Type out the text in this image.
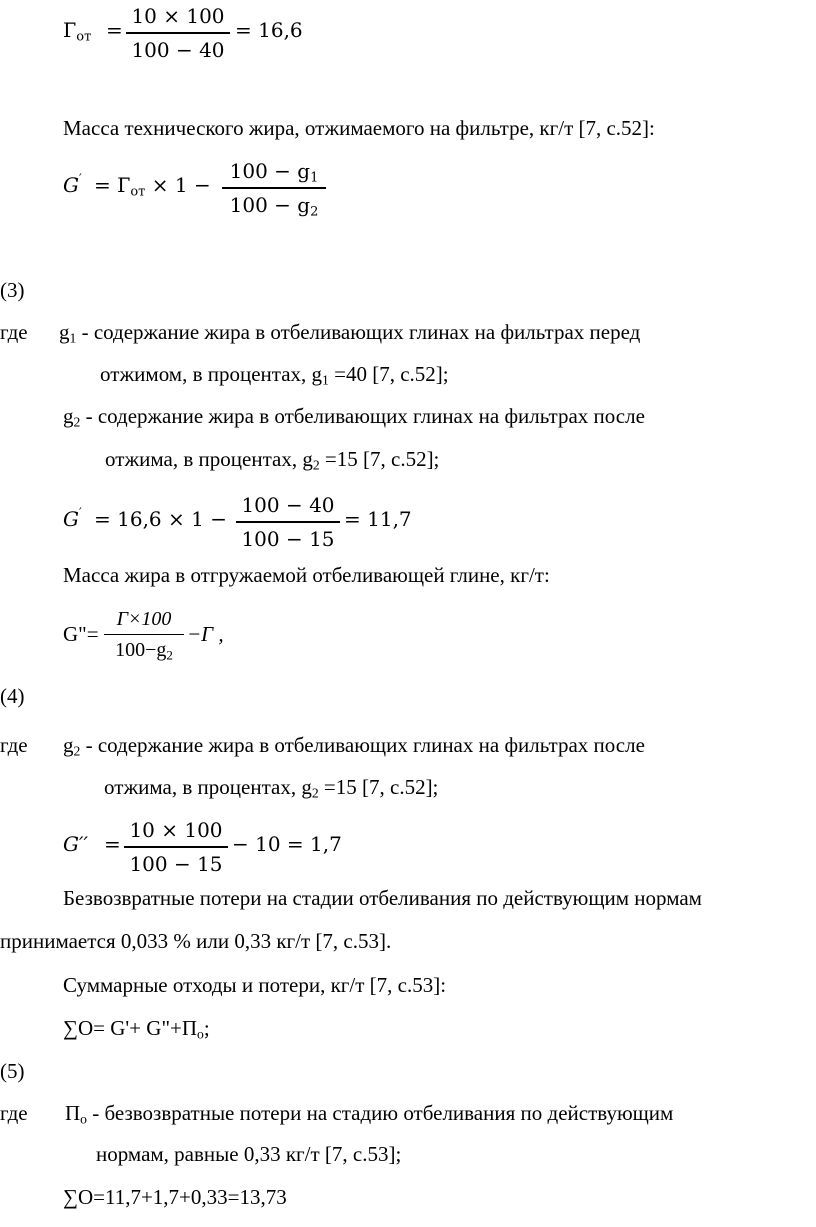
$Г_{от}$ =
10 × 100
100 − 40
= 16,6
Масса технического жира, отжимаемого на фильтре, кг/т [7, с.52]:
$G' = Г_{от} \times 1$ −
$100 - g_1$
$100 - g_2$
(3)
где $g_1$ - содержание жира в отбеливающих глинах на фильтрах перед
отжимом, в процентах, $g_1 =40$ [7, с.52];
$g_2$ - содержание жира в отбеливающих глинах на фильтрах после
отжима, в процентах, $g_2 =15$ [7, с.52];
G′ = 16,6 × 1 −
100 − 40
100 − 15
= 11,7
Масса жира в отгружаемой отбеливающей глине, кг/т:
G"=
Г×100
$100-g_2$
−Г ,
(4)
где $g_2$ - содержание жира в отбеливающих глинах на фильтрах после
отжима, в процентах, $g_2 =15$ [7, с.52];
G′′ =
10 × 100
100 − 15
− 10 = 1,7
Безвозвратные потери на стадии отбеливания по действующим нормам
принимается 0,033 % или 0,33 кг/т [7, с.53].
Суммарные отходы и потери, кг/т [7, с.53]:
$\sum О= G'+ G"+П_о$;
(5)
где $П_о$ - безвозвратные потери на стадию отбеливания по действующим
нормам, равные 0,33 кг/т [7, с.53];
∑О=11,7+1,7+0,33=13,73
